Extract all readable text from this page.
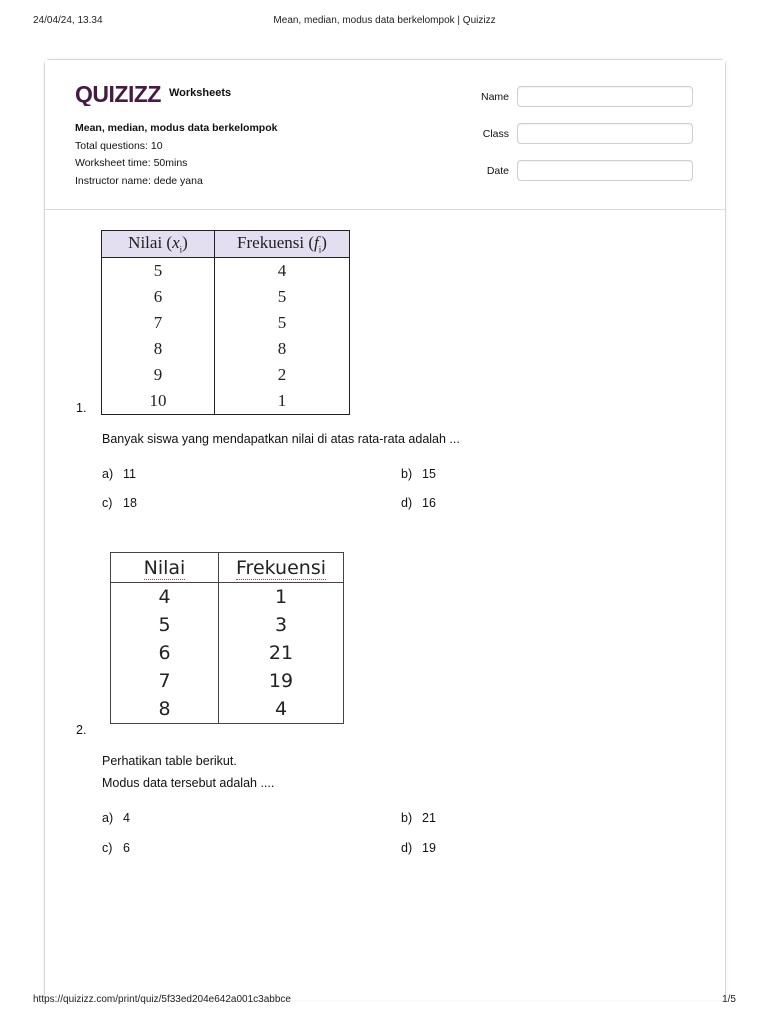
24/04/24, 13.34	Mean, median, modus data berkelompok | Quizizz
QUIZIZZ Worksheets
Mean, median, modus data berkelompok
Total questions: 10
Worksheet time: 50mins
Instructor name: dede yana
Name
Class
Date
Nilai $(x_i)$	Frekuensi $(f_i)$
5	4
6	5
7	5
8	8
9	2
10	1
1.
Banyak siswa yang mendapatkan nilai di atas rata-rata adalah ...
a) 11	b) 15
c) 18	d) 16
Nilai	Frekuensi
4	1
5	3
6	21
7	19
8	4
2.
Perhatikan table berikut.
Modus data tersebut adalah ....
a) 4	b) 21
c) 6	d) 19
https://quizizz.com/print/quiz/5f33ed204e642a001c3abbce	1/5
